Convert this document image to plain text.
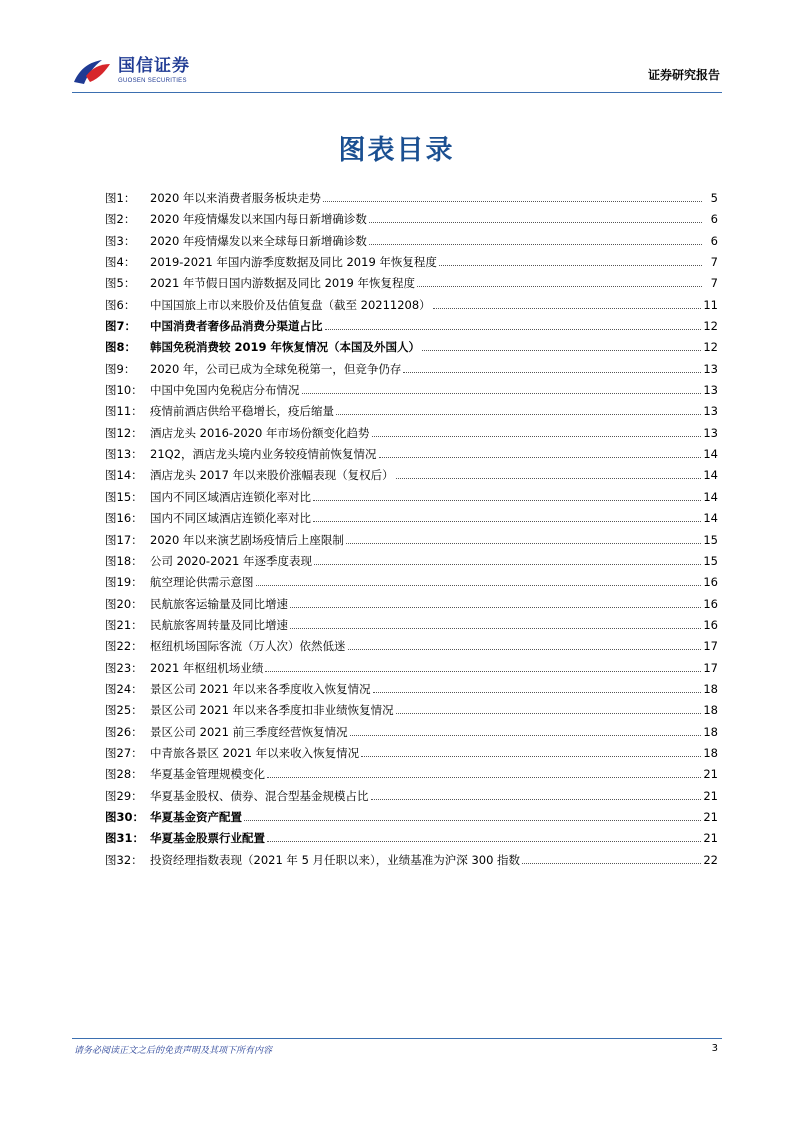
国信证券
GUOSEN SECURITIES	证券研究报告
图表目录
图1：	2020 年以来消费者服务板块走势	5
图2：	2020 年疫情爆发以来国内每日新增确诊数	6
图3：	2020 年疫情爆发以来全球每日新增确诊数	6
图4：	2019-2021 年国内游季度数据及同比 2019 年恢复程度	7
图5：	2021 年节假日国内游数据及同比 2019 年恢复程度	7
图6：	中国国旅上市以来股价及估值复盘（截至 20211208）	11
图7：	中国消费者奢侈品消费分渠道占比	12
图8：	韩国免税消费较 2019 年恢复情况（本国及外国人）	12
图9：	2020 年，公司已成为全球免税第一，但竞争仍存	13
图10： 中国中免国内免税店分布情况	13
图11： 疫情前酒店供给平稳增长，疫后缩量	13
图12： 酒店龙头 2016-2020 年市场份额变化趋势	13
图13： 21Q2，酒店龙头境内业务较疫情前恢复情况	14
图14： 酒店龙头 2017 年以来股价涨幅表现（复权后）	14
图15： 国内不同区域酒店连锁化率对比	14
图16： 国内不同区域酒店连锁化率对比	14
图17： 2020 年以来演艺剧场疫情后上座限制	15
图18： 公司 2020-2021 年逐季度表现	15
图19： 航空理论供需示意图	16
图20： 民航旅客运输量及同比增速	16
图21： 民航旅客周转量及同比增速	16
图22： 枢纽机场国际客流（万人次）依然低迷	17
图23： 2021 年枢纽机场业绩	17
图24： 景区公司 2021 年以来各季度收入恢复情况	18
图25： 景区公司 2021 年以来各季度扣非业绩恢复情况	18
图26： 景区公司 2021 前三季度经营恢复情况	18
图27： 中青旅各景区 2021 年以来收入恢复情况	18
图28： 华夏基金管理规模变化	21
图29： 华夏基金股权、债券、混合型基金规模占比	21
图30： 华夏基金资产配置	21
图31： 华夏基金股票行业配置	21
图32： 投资经理指数表现（2021 年 5 月任职以来），业绩基准为沪深 300 指数	22
请务必阅读正文之后的免责声明及其项下所有内容	3
